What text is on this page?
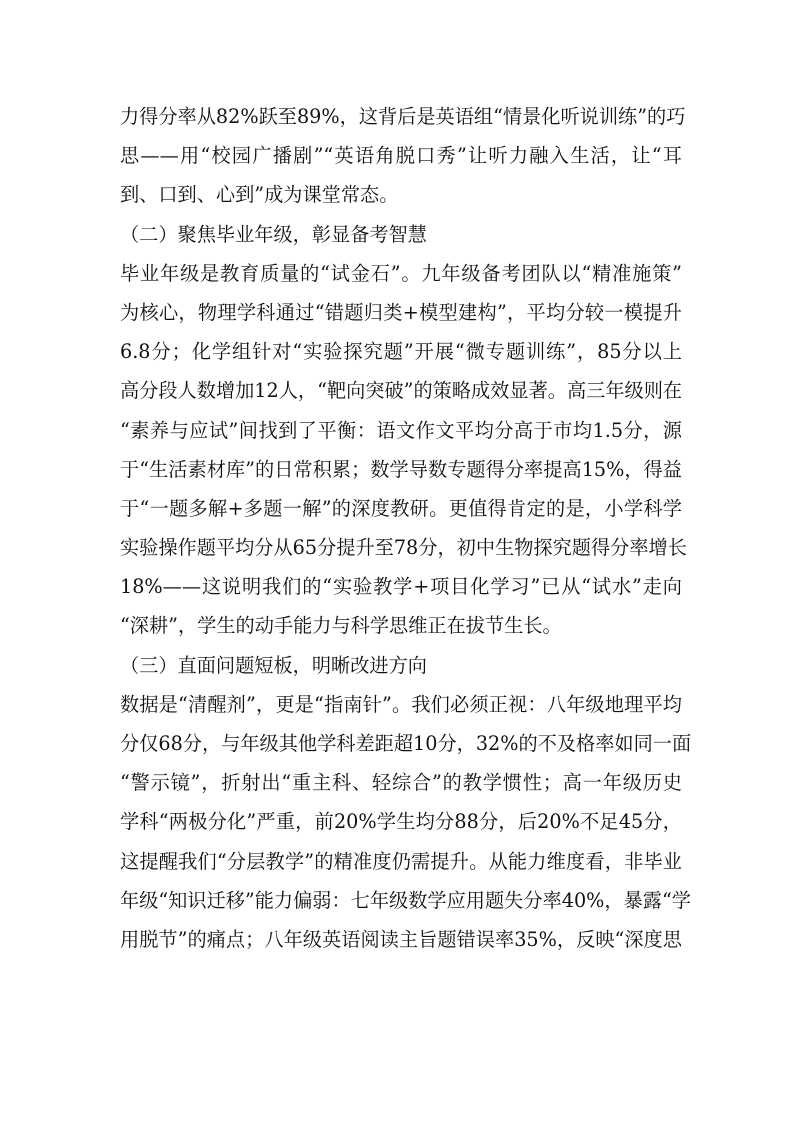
力得分率从82%跃至89%，这背后是英语组“情景化听说训练”的巧
思——用“校园广播剧”“英语角脱口秀”让听力融入生活，让“耳
到、口到、心到”成为课堂常态。
（二）聚焦毕业年级，彰显备考智慧
毕业年级是教育质量的“试金石”。九年级备考团队以“精准施策”
为核心，物理学科通过“错题归类+模型建构”，平均分较一模提升
6.8分；化学组针对“实验探究题”开展“微专题训练”，85分以上
高分段人数增加12人，“靶向突破”的策略成效显著。高三年级则在
“素养与应试”间找到了平衡：语文作文平均分高于市均1.5分，源
于“生活素材库”的日常积累；数学导数专题得分率提高15%，得益
于“一题多解+多题一解”的深度教研。更值得肯定的是，小学科学
实验操作题平均分从65分提升至78分，初中生物探究题得分率增长
18%——这说明我们的“实验教学+项目化学习”已从“试水”走向
“深耕”，学生的动手能力与科学思维正在拔节生长。
（三）直面问题短板，明晰改进方向
数据是“清醒剂”，更是“指南针”。我们必须正视：八年级地理平均
分仅68分，与年级其他学科差距超10分，32%的不及格率如同一面
“警示镜”，折射出“重主科、轻综合”的教学惯性；高一年级历史
学科“两极分化”严重，前20%学生均分88分，后20%不足45分，
这提醒我们“分层教学”的精准度仍需提升。从能力维度看，非毕业
年级“知识迁移”能力偏弱：七年级数学应用题失分率40%，暴露“学
用脱节”的痛点；八年级英语阅读主旨题错误率35%，反映“深度思
